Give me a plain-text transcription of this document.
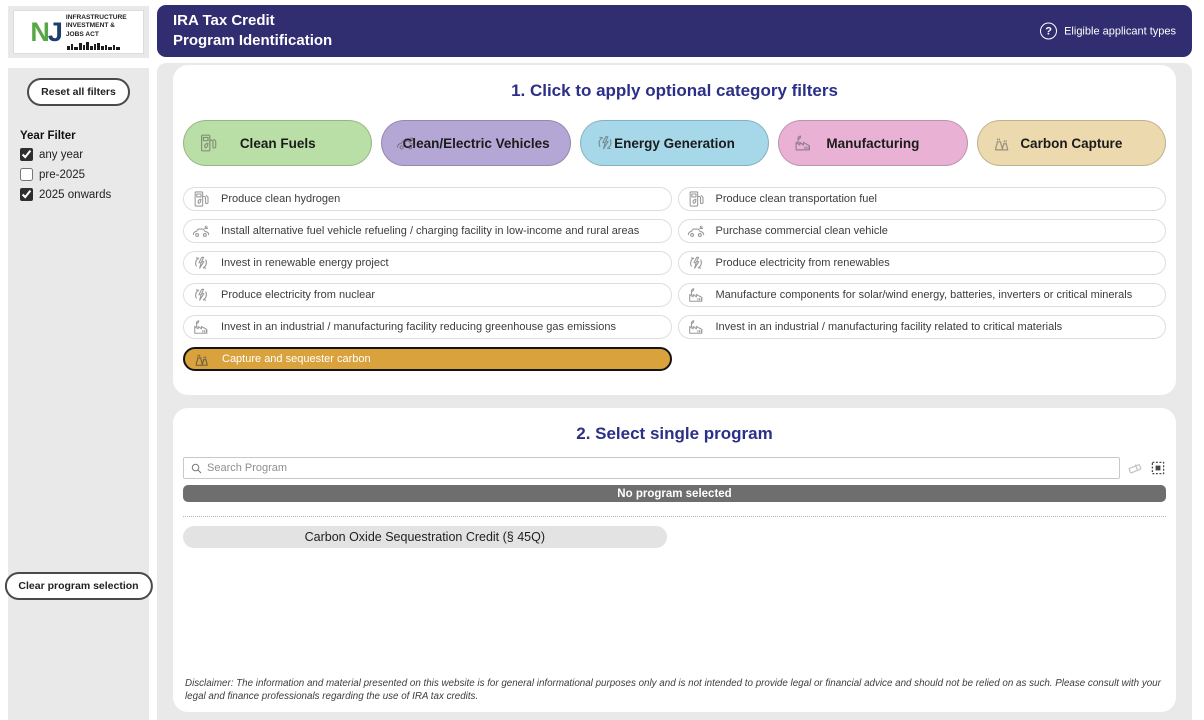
NJ INFRASTRUCTURE
INVESTMENT &
JOBS ACT
Reset all filters
Year Filter
any year
pre-2025
2025 onwards
Clear program selection
IRA Tax Credit
Program Identification
?	Eligible applicant types
1. Click to apply optional category filters
Clean Fuels	Clean/Electric Vehicles	Energy Generation	Manufacturing	Carbon Capture
Produce clean hydrogen
Install alternative fuel vehicle refueling / charging facility in low-income and rural areas
Invest in renewable energy project
Produce electricity from nuclear
Invest in an industrial / manufacturing facility reducing greenhouse gas emissions
Capture and sequester carbon
Produce clean transportation fuel
Purchase commercial clean vehicle
Produce electricity from renewables
Manufacture components for solar/wind energy, batteries, inverters or critical minerals
Invest in an industrial / manufacturing facility related to critical materials
2. Select single program
Search Program
No program selected
Carbon Oxide Sequestration Credit (§ 45Q)

Disclaimer: The information and material presented on this website is for general informational purposes only and is not intended to provide legal or financial advice and should not be relied on as such. Please consult with your legal and finance professionals regarding the use of IRA tax credits.
